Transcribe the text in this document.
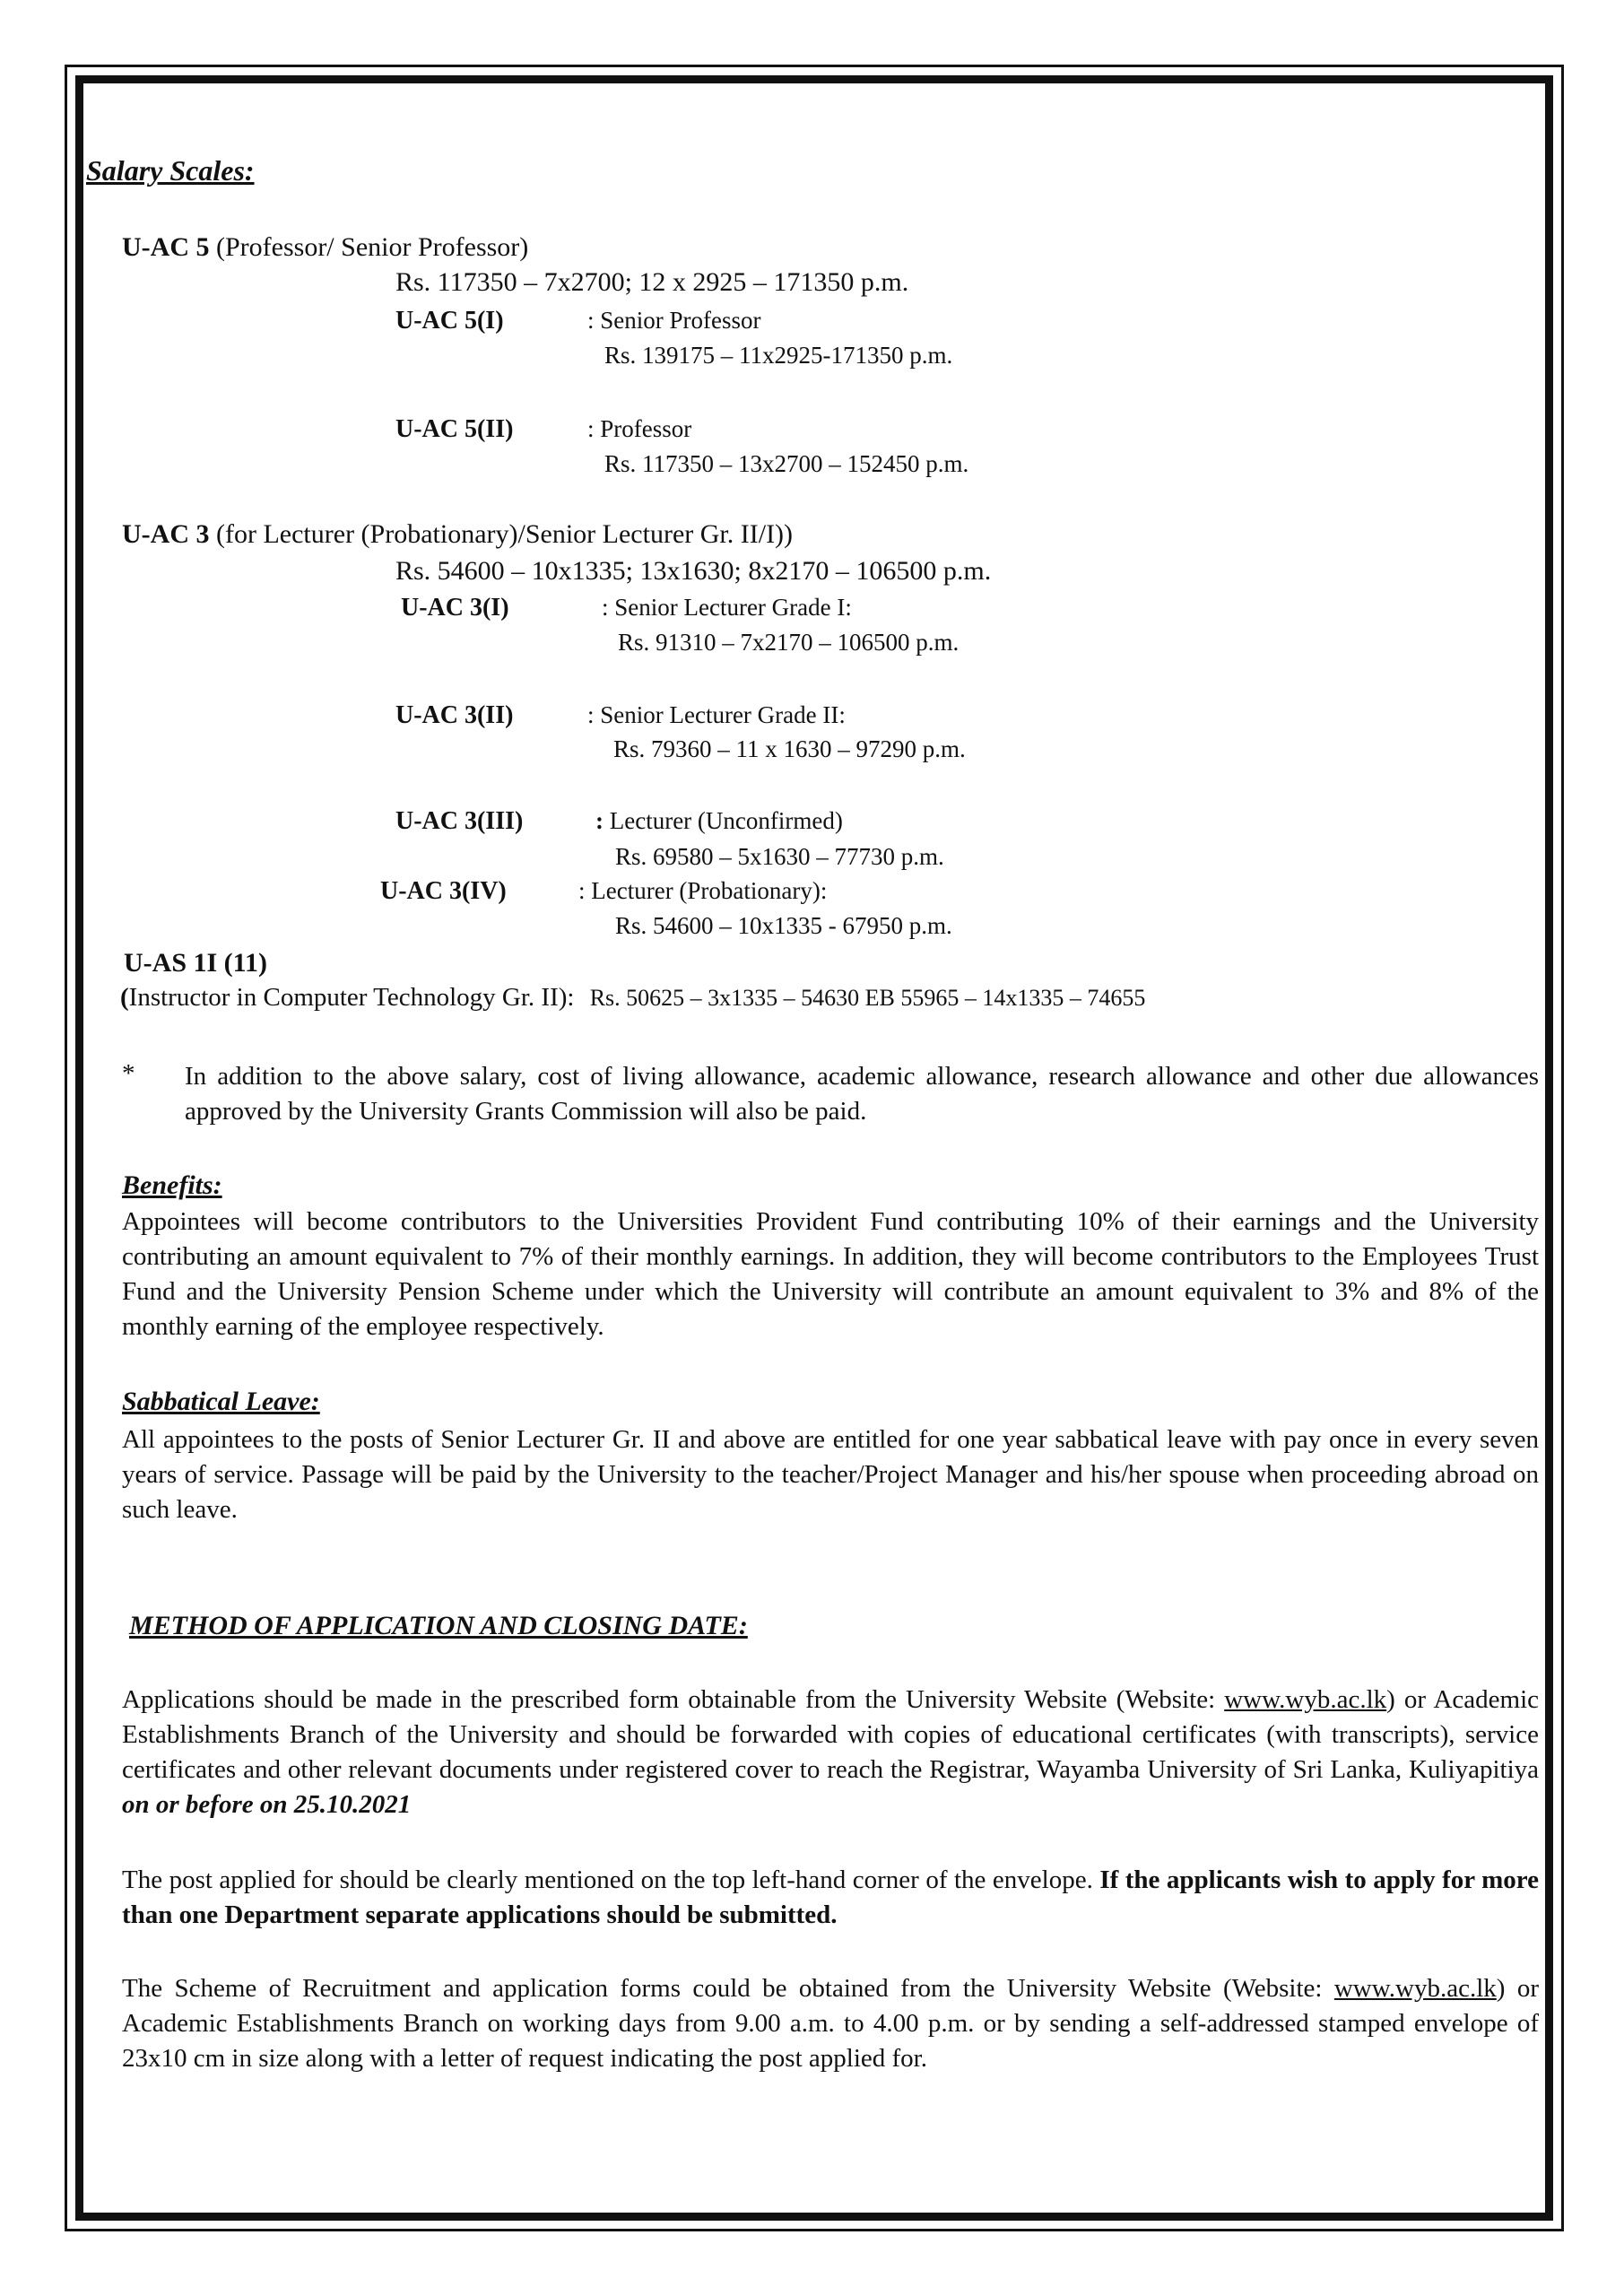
Salary Scales:
U-AC 5 (Professor/ Senior Professor)
Rs. 117350 – 7x2700; 12 x 2925 – 171350 p.m.
U-AC 5(I)	: Senior Professor
Rs. 139175 – 11x2925-171350 p.m.
U-AC 5(II)	: Professor
Rs. 117350 – 13x2700 – 152450 p.m.
U-AC 3 (for Lecturer (Probationary)/Senior Lecturer Gr. II/I))
Rs. 54600 – 10x1335; 13x1630; 8x2170 – 106500 p.m.
U-AC 3(I)	: Senior Lecturer Grade I:
Rs. 91310 – 7x2170 – 106500 p.m.
U-AC 3(II)	: Senior Lecturer Grade II:
Rs. 79360 – 11 x 1630 – 97290 p.m.
U-AC 3(III)	: Lecturer (Unconfirmed)
Rs. 69580 – 5x1630 – 77730 p.m.
U-AC 3(IV)	: Lecturer (Probationary):
Rs. 54600 – 10x1335 - 67950 p.m.
U-AS 1I (11)
(Instructor in Computer Technology Gr. II): Rs. 50625 – 3x1335 – 54630 EB 55965 – 14x1335 – 74655
* In addition to the above salary, cost of living allowance, academic allowance, research allowance and other due allowances approved by the University Grants Commission will also be paid.
Benefits:
Appointees will become contributors to the Universities Provident Fund contributing 10% of their earnings and the University contributing an amount equivalent to 7% of their monthly earnings. In addition, they will become contributors to the Employees Trust Fund and the University Pension Scheme under which the University will contribute an amount equivalent to 3% and 8% of the monthly earning of the employee respectively.
Sabbatical Leave:
All appointees to the posts of Senior Lecturer Gr. II and above are entitled for one year sabbatical leave with pay once in every seven years of service. Passage will be paid by the University to the teacher/Project Manager and his/her spouse when proceeding abroad on such leave.
METHOD OF APPLICATION AND CLOSING DATE:
Applications should be made in the prescribed form obtainable from the University Website (Website: www.wyb.ac.lk) or Academic Establishments Branch of the University and should be forwarded with copies of educational certificates (with transcripts), service certificates and other relevant documents under registered cover to reach the Registrar, Wayamba University of Sri Lanka, Kuliyapitiya on or before on 25.10.2021
The post applied for should be clearly mentioned on the top left-hand corner of the envelope. If the applicants wish to apply for more than one Department separate applications should be submitted.
The Scheme of Recruitment and application forms could be obtained from the University Website (Website: www.wyb.ac.lk) or Academic Establishments Branch on working days from 9.00 a.m. to 4.00 p.m. or by sending a self-addressed stamped envelope of 23x10 cm in size along with a letter of request indicating the post applied for.
